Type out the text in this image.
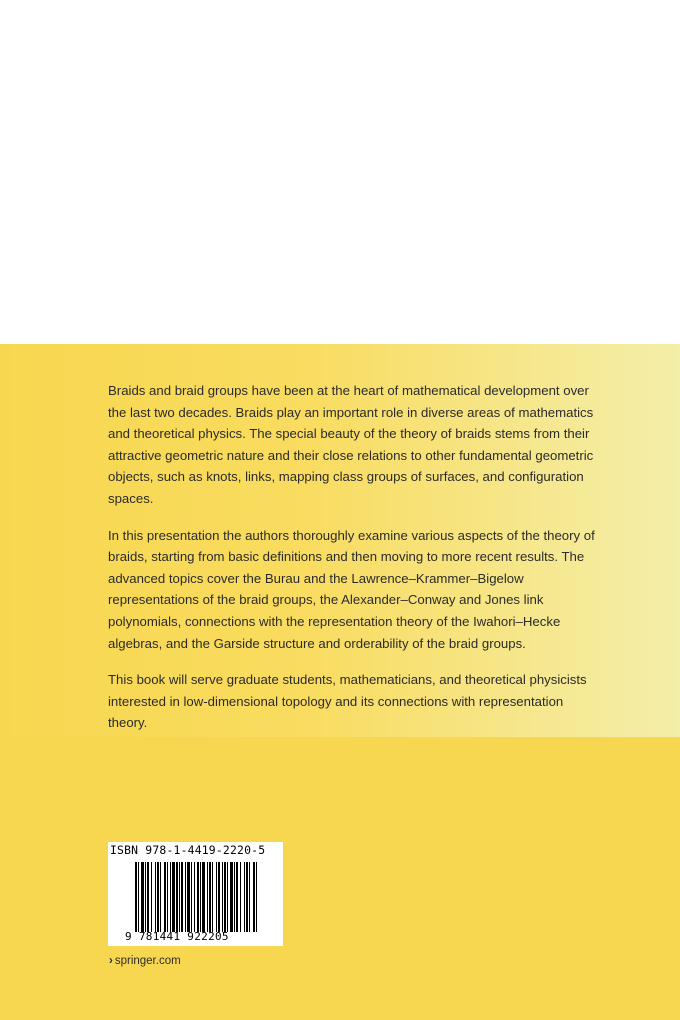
Braids and braid groups have been at the heart of mathematical development over the last two decades. Braids play an important role in diverse areas of mathematics and theoretical physics. The special beauty of the theory of braids stems from their attractive geometric nature and their close relations to other fundamental geometric objects, such as knots, links, mapping class groups of surfaces, and configuration spaces.

In this presentation the authors thoroughly examine various aspects of the theory of braids, starting from basic definitions and then moving to more recent results. The advanced topics cover the Burau and the Lawrence–Krammer–Bigelow representations of the braid groups, the Alexander–Conway and Jones link polynomials, connections with the representation theory of the Iwahori–Hecke algebras, and the Garside structure and orderability of the braid groups.

This book will serve graduate students, mathematicians, and theoretical physicists interested in low-dimensional topology and its connections with representation theory.

ISBN 978-1-4419-2220-5
9 781441 922205
› springer.com
